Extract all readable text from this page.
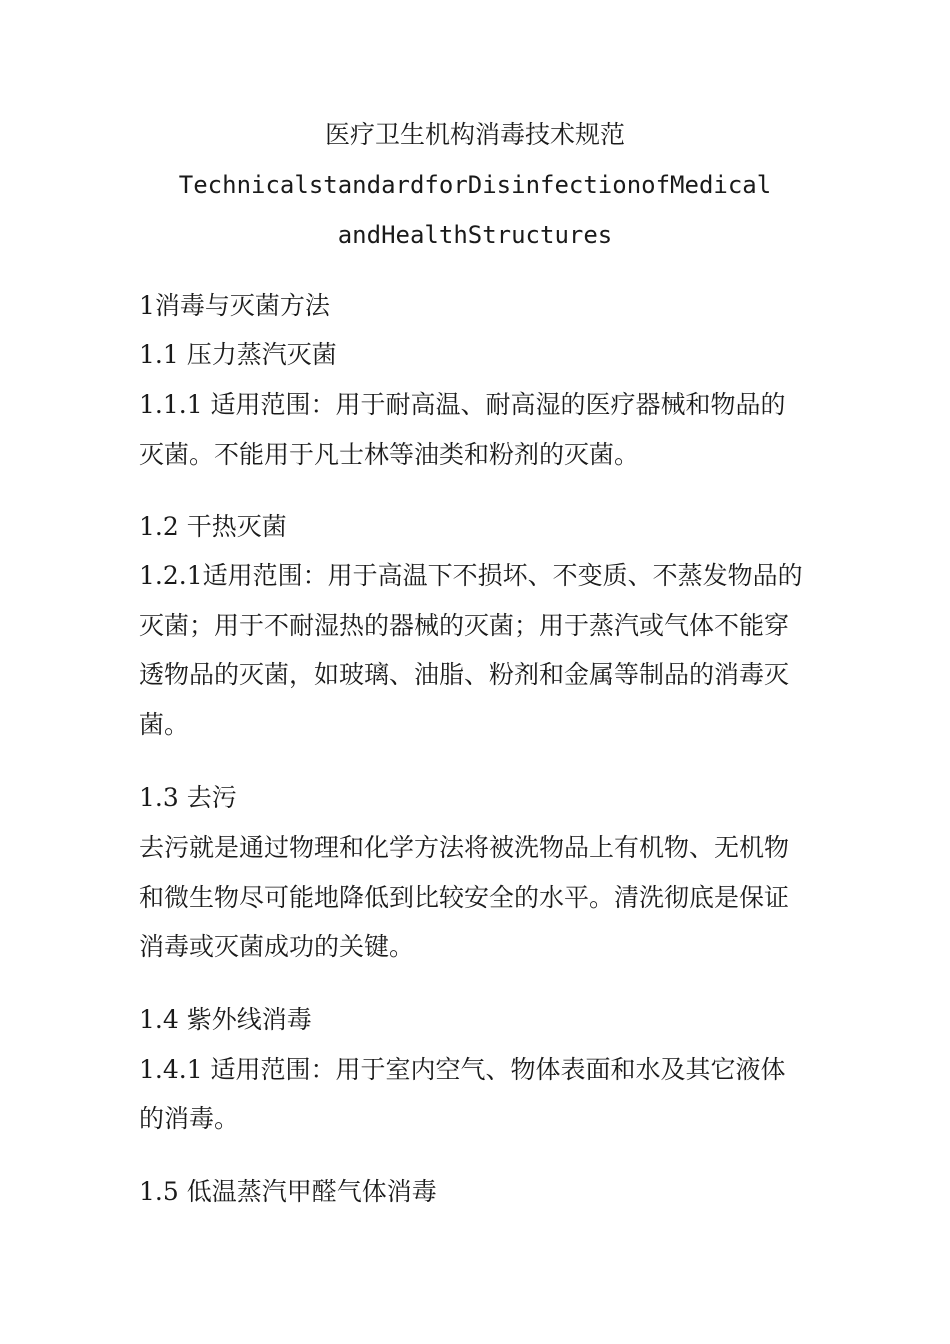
医疗卫生机构消毒技术规范
TechnicalstandardforDisinfectionofMedical
andHealthStructures
1消毒与灭菌方法
1.1 压力蒸汽灭菌
1.1.1 适用范围：用于耐高温、耐高湿的医疗器械和物品的
灭菌。不能用于凡士林等油类和粉剂的灭菌。
1.2 干热灭菌
1.2.1适用范围：用于高温下不损坏、不变质、不蒸发物品的
灭菌；用于不耐湿热的器械的灭菌；用于蒸汽或气体不能穿
透物品的灭菌，如玻璃、油脂、粉剂和金属等制品的消毒灭
菌。
1.3 去污
去污就是通过物理和化学方法将被洗物品上有机物、无机物
和微生物尽可能地降低到比较安全的水平。清洗彻底是保证
消毒或灭菌成功的关键。
1.4 紫外线消毒
1.4.1 适用范围：用于室内空气、物体表面和水及其它液体
的消毒。
1.5 低温蒸汽甲醛气体消毒
